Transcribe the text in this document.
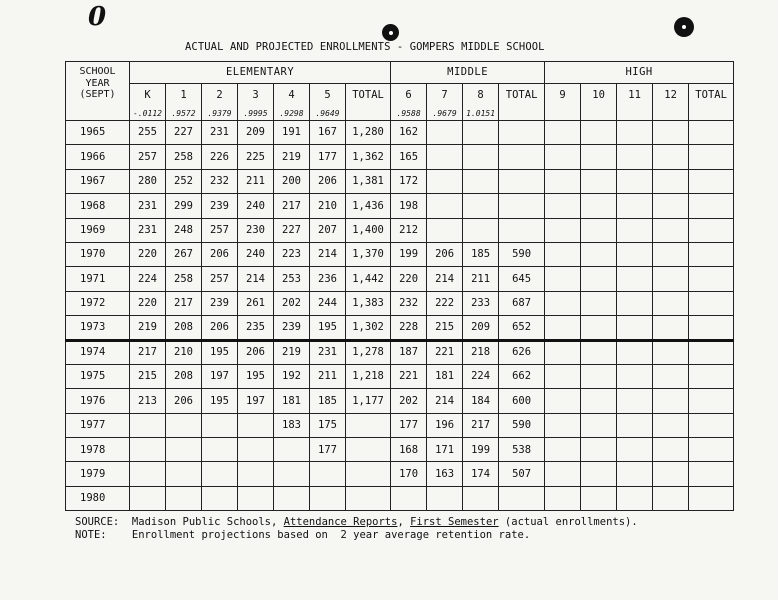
0
ACTUAL AND PROJECTED ENROLLMENTS - GOMPERS MIDDLE SCHOOL
SCHOOL
YEAR
(SEPT)	ELEMENTARY							MIDDLE				HIGH				
	K	1	2	3	4	5	TOTAL	6	7	8	TOTAL	9	10	11	12	TOTAL
	-.0112	.9572	.9379	.9995	.9298	.9649		.9588	.9679	1.0151						
1965	255	227	231	209	191	167	1,280	162								
1966	257	258	226	225	219	177	1,362	165								
1967	280	252	232	211	200	206	1,381	172								
1968	231	299	239	240	217	210	1,436	198								
1969	231	248	257	230	227	207	1,400	212								
1970	220	267	206	240	223	214	1,370	199	206	185	590					
1971	224	258	257	214	253	236	1,442	220	214	211	645					
1972	220	217	239	261	202	244	1,383	232	222	233	687					
1973	219	208	206	235	239	195	1,302	228	215	209	652					
1974	217	210	195	206	219	231	1,278	187	221	218	626					
1975	215	208	197	195	192	211	1,218	221	181	224	662					
1976	213	206	195	197	181	185	1,177	202	214	184	600					
1977					183	175		177	196	217	590					
1978						177		168	171	199	538					
1979								170	163	174	507					
1980																
SOURCE: Madison Public Schools, Attendance Reports, First Semester (actual enrollments).
NOTE: Enrollment projections based on  2 year average retention rate.
